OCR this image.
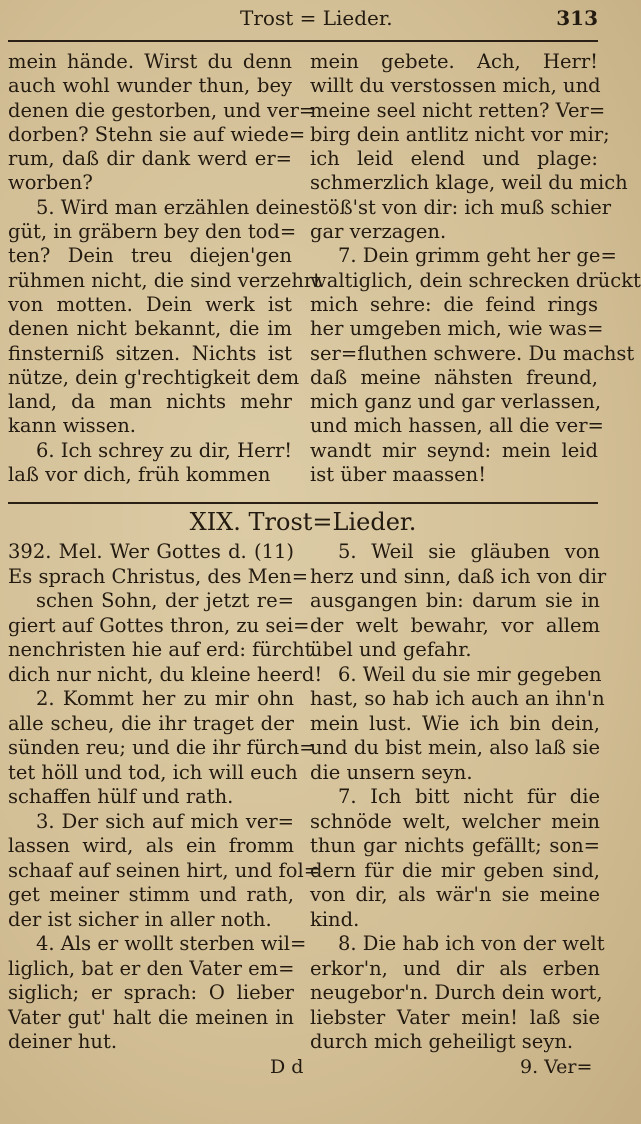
Trost = Lieder.	313
mein hände. Wirst du denn
auch wohl wunder thun, bey
denen die gestorben, und ver=
dorben? Stehn sie auf wiede=
rum, daß dir dank werd er=
worben?
5. Wird man erzählen deine
güt, in gräbern bey den tod=
ten? Dein treu diejen'gen
rühmen nicht, die sind verzehrt
von motten. Dein werk ist
denen nicht bekannt, die im
finsterniß sitzen. Nichts ist
nütze, dein g'rechtigkeit dem
land, da man nichts mehr
kann wissen.
6. Ich schrey zu dir, Herr!
laß vor dich, früh kommen
mein gebete. Ach, Herr!
willt du verstossen mich, und
meine seel nicht retten? Ver=
birg dein antlitz nicht vor mir;
ich leid elend und plage:
schmerzlich klage, weil du mich
stöß'st von dir: ich muß schier
gar verzagen.
7. Dein grimm geht her ge=
waltiglich, dein schrecken drückt
mich sehre: die feind rings
her umgeben mich, wie was=
ser=fluthen schwere. Du machst
daß meine nähsten freund,
mich ganz und gar verlassen,
und mich hassen, all die ver=
wandt mir seynd: mein leid
ist über maassen!
XIX. Trost=Lieder.
392. Mel. Wer Gottes d. (11)
Es sprach Christus, des Men=
schen Sohn, der jetzt re=
giert auf Gottes thron, zu sei=
nenchristen hie auf erd: fürcht
dich nur nicht, du kleine heerd!
2. Kommt her zu mir ohn
alle scheu, die ihr traget der
sünden reu; und die ihr fürch=
tet höll und tod, ich will euch
schaffen hülf und rath.
3. Der sich auf mich ver=
lassen wird, als ein fromm
schaaf auf seinen hirt, und fol=
get meiner stimm und rath,
der ist sicher in aller noth.
4. Als er wollt sterben wil=
liglich, bat er den Vater em=
siglich; er sprach: O lieber
Vater gut' halt die meinen in
deiner hut.
5. Weil sie gläuben von
herz und sinn, daß ich von dir
ausgangen bin: darum sie in
der welt bewahr, vor allem
übel und gefahr.
6. Weil du sie mir gegeben
hast, so hab ich auch an ihn'n
mein lust. Wie ich bin dein,
und du bist mein, also laß sie
die unsern seyn.
7. Ich bitt nicht für die
schnöde welt, welcher mein
thun gar nichts gefällt; son=
dern für die mir geben sind,
von dir, als wär'n sie meine
kind.
8. Die hab ich von der welt
erkor'n, und dir als erben
neugebor'n. Durch dein wort,
liebster Vater mein! laß sie
durch mich geheiligt seyn.
D d	9. Ver=
